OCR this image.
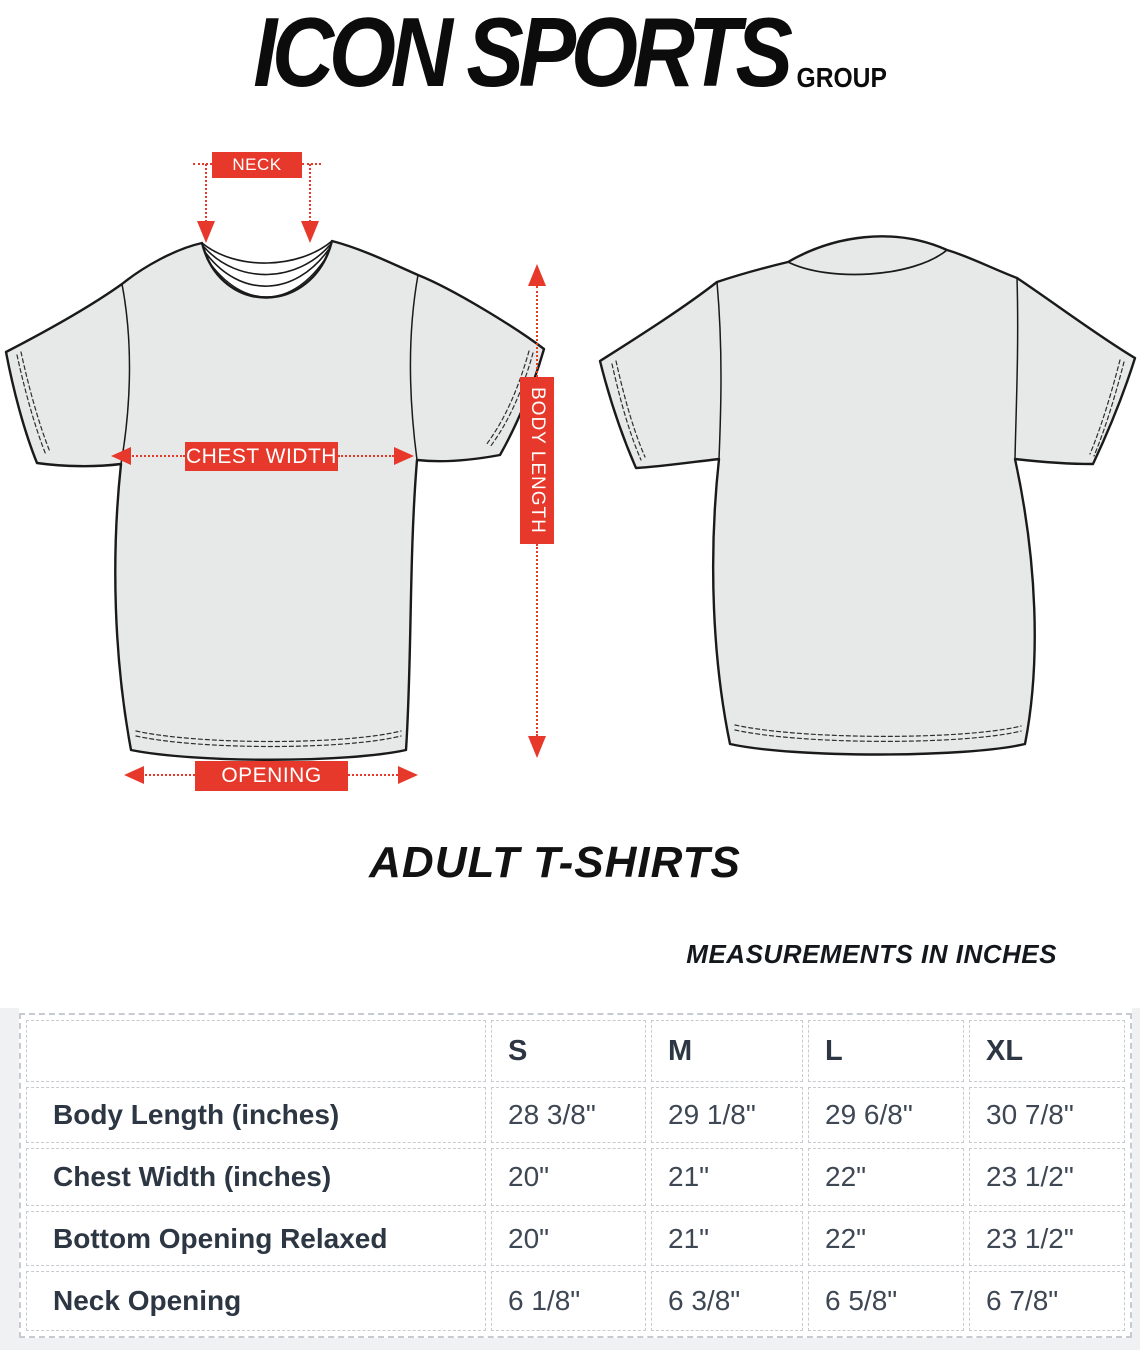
ICON SPORTS GROUP
NECK
CHEST WIDTH	BODY LENGTH
OPENING
ADULT T-SHIRTS
MEASUREMENTS IN INCHES
S	M	L	XL
Body Length (inches)	28 3/8"	29 1/8"	29 6/8"	30 7/8"
Chest Width (inches)	20"	21"	22"	23 1/2"
Bottom Opening Relaxed	20"	21"	22"	23 1/2"
Neck Opening	6 1/8"	6 3/8"	6 5/8"	6 7/8"
